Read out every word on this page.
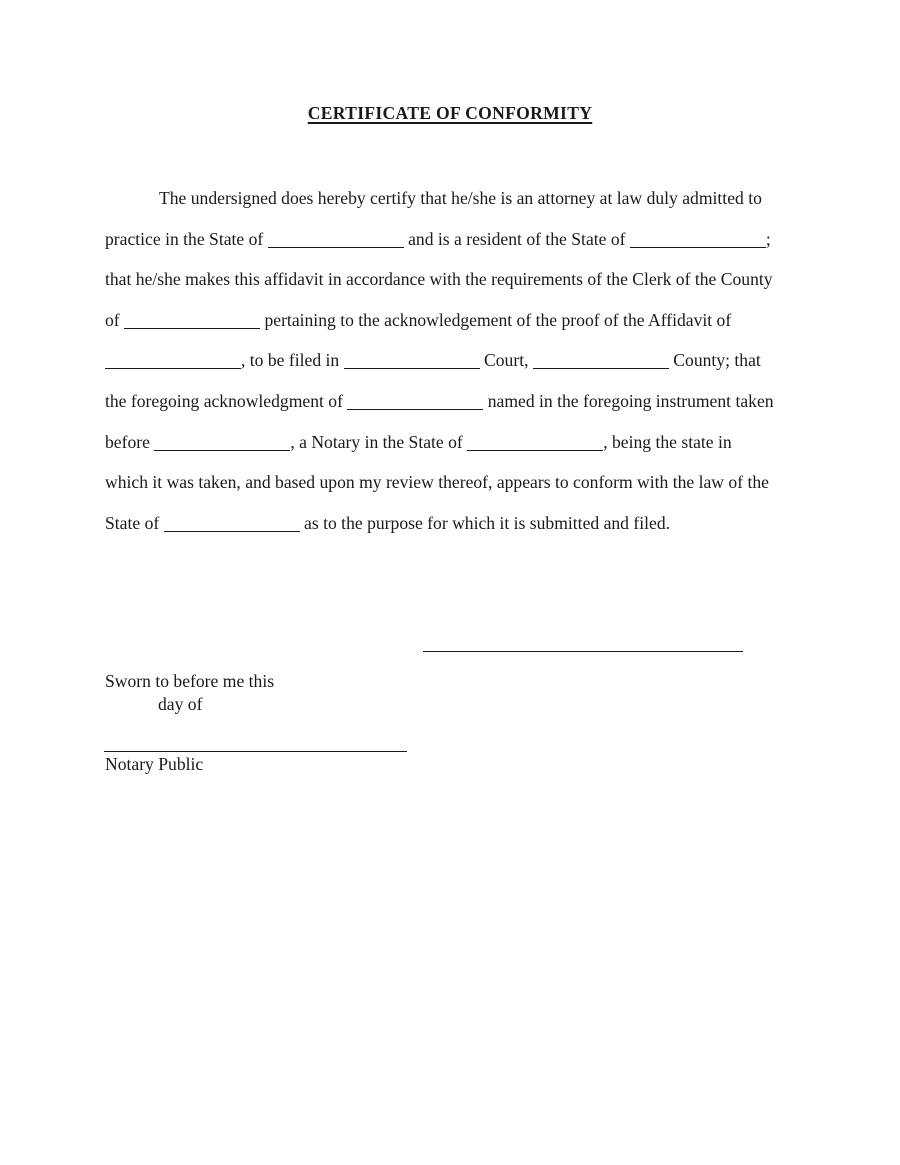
CERTIFICATE OF CONFORMITY
The undersigned does hereby certify that he/she is an attorney at law duly admitted to
practice in the State of	and is a resident of the State of	;
that he/she makes this affidavit in accordance with the requirements of the Clerk of the County
of	pertaining to the acknowledgement of the proof of the Affidavit of
, to be filed in	Court,	County; that
the foregoing acknowledgment of	named in the foregoing instrument taken
before	, a Notary in the State of	, being the state in
which it was taken, and based upon my review thereof, appears to conform with the law of the
State of	as to the purpose for which it is submitted and filed.
Sworn to before me this
day of
Notary Public
